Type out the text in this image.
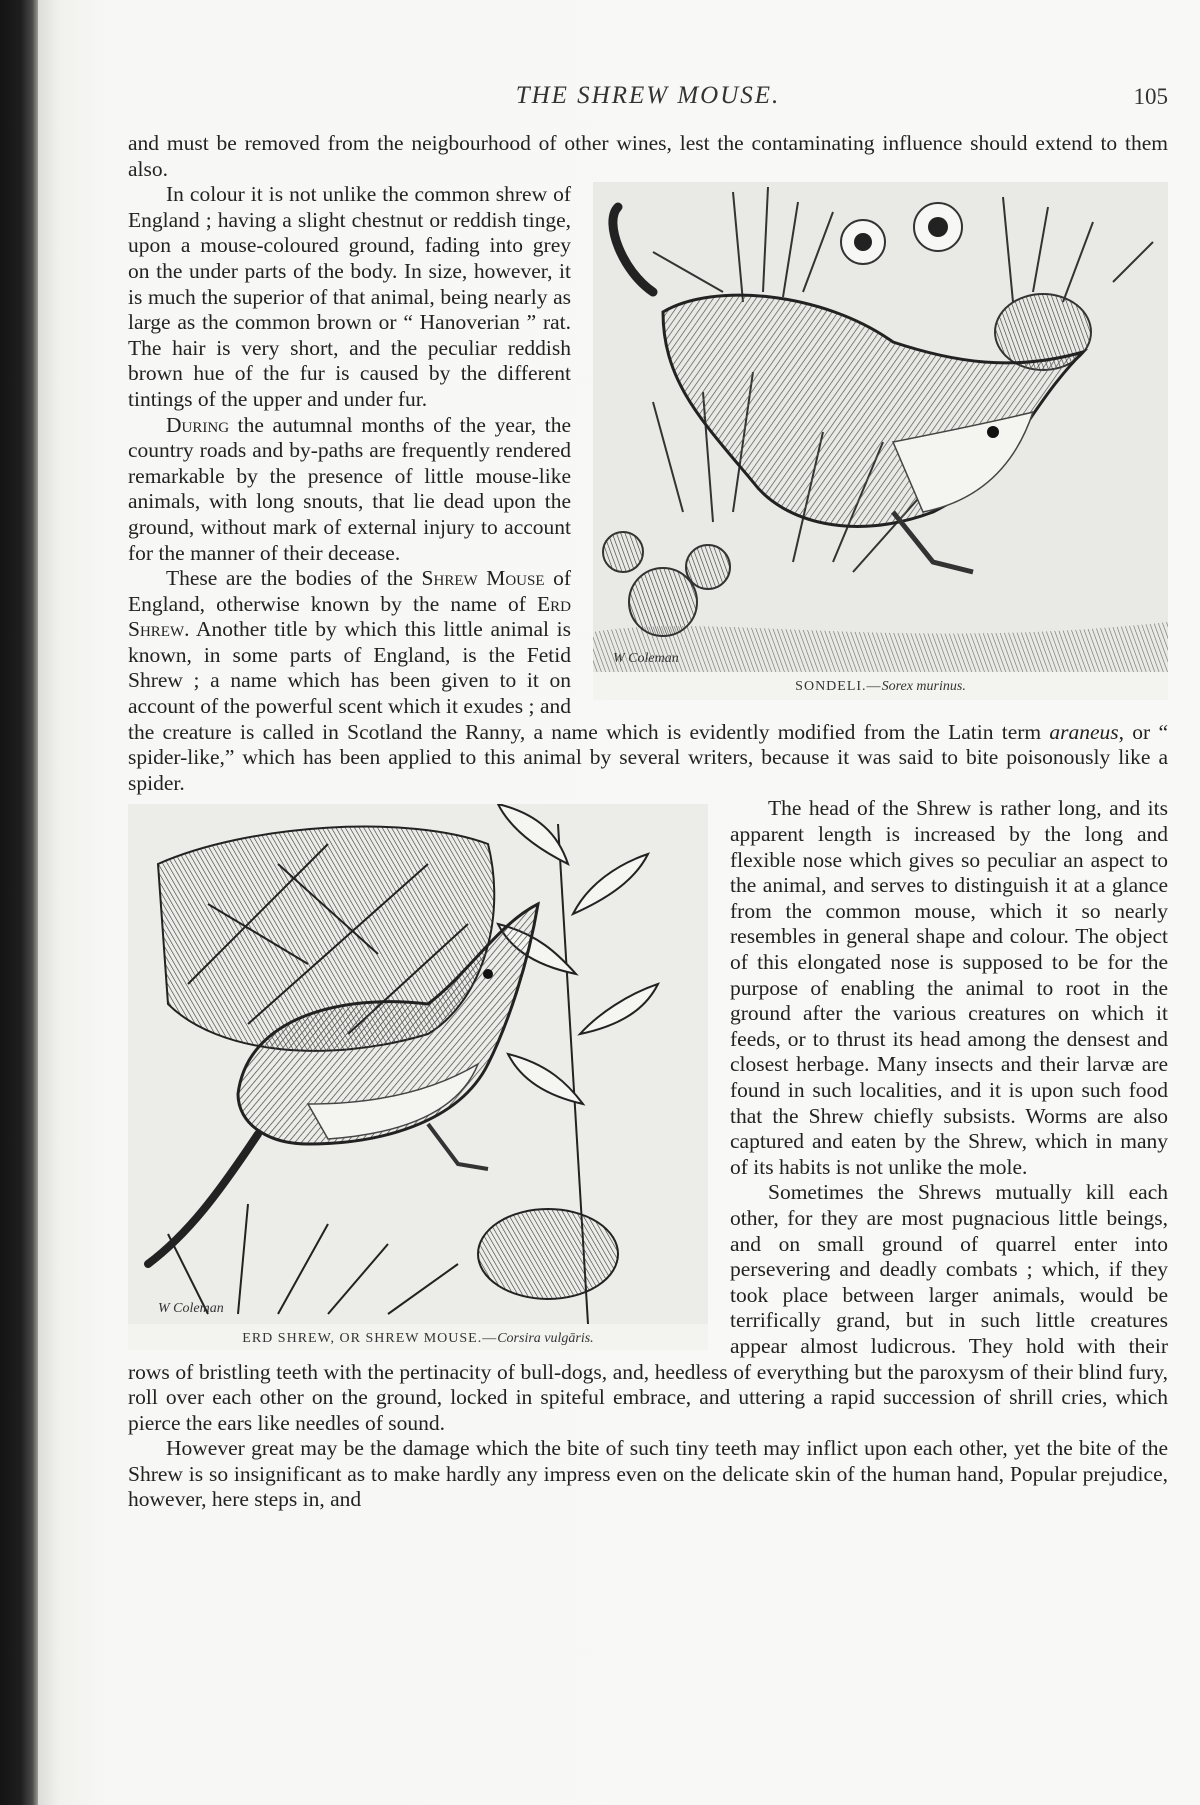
THE SHREW MOUSE.	105

and must be removed from the neigbourhood of other wines, lest the contaminating influence should extend to them also.

W Coleman
SONDELI.—Sorex murinus.

In colour it is not unlike the common shrew of England ; having a slight chestnut or reddish tinge, upon a mouse-coloured ground, fading into grey on the under parts of the body. In size, however, it is much the superior of that animal, being nearly as large as the common brown or “ Hanoverian ” rat. The hair is very short, and the peculiar reddish brown hue of the fur is caused by the different tintings of the upper and under fur.

During the autumnal months of the year, the country roads and by-paths are frequently rendered remarkable by the presence of little mouse-like animals, with long snouts, that lie dead upon the ground, without mark of external injury to account for the manner of their decease.

These are the bodies of the Shrew Mouse of England, otherwise known by the name of Erd Shrew. Another title by which this little animal is known, in some parts of England, is the Fetid Shrew ; a name which has been given to it on account of the powerful scent which it exudes ; and the creature is called in Scotland the Ranny, a name which is evidently modified from the Latin term araneus, or “ spider-like,” which has been applied to this animal by several writers, because it was said to bite poisonously like a spider.

W Coleman
ERD SHREW, OR SHREW MOUSE.—Corsira vulgāris.

The head of the Shrew is rather long, and its apparent length is increased by the long and flexible nose which gives so peculiar an aspect to the animal, and serves to distinguish it at a glance from the common mouse, which it so nearly resembles in general shape and colour. The object of this elongated nose is supposed to be for the purpose of enabling the animal to root in the ground after the various creatures on which it feeds, or to thrust its head among the densest and closest herbage. Many insects and their larvæ are found in such localities, and it is upon such food that the Shrew chiefly subsists. Worms are also captured and eaten by the Shrew, which in many of its habits is not unlike the mole.

Sometimes the Shrews mutually kill each other, for they are most pugnacious little beings, and on small ground of quarrel enter into persevering and deadly combats ; which, if they took place between larger animals, would be terrifically grand, but in such little creatures appear almost ludicrous. They hold with their rows of bristling teeth with the pertinacity of bull-dogs, and, heedless of everything but the paroxysm of their blind fury, roll over each other on the ground, locked in spiteful embrace, and uttering a rapid succession of shrill cries, which pierce the ears like needles of sound.

However great may be the damage which the bite of such tiny teeth may inflict upon each other, yet the bite of the Shrew is so insignificant as to make hardly any impress even on the delicate skin of the human hand, Popular prejudice, however, here steps in, and
